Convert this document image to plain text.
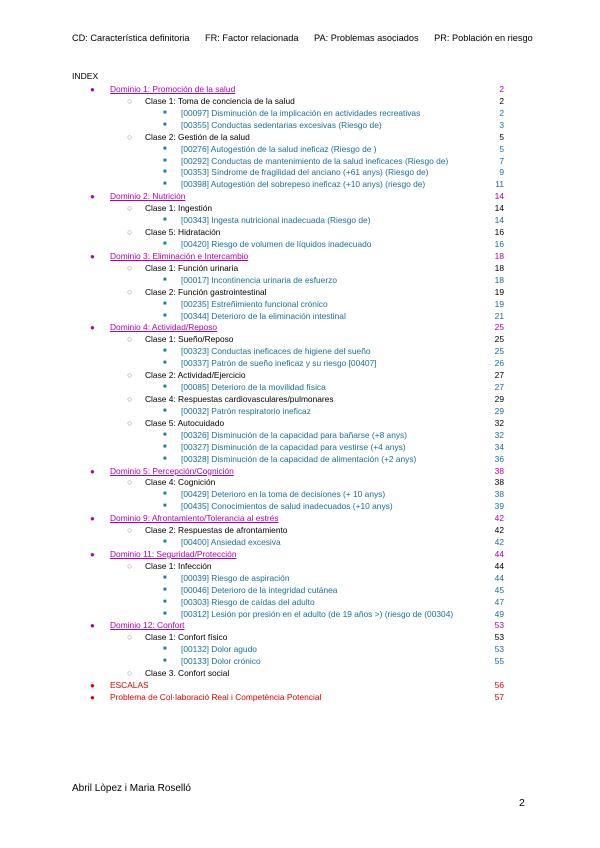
CD: Característica definitoria FR: Factor relacionada PA: Problemas asociados PR: Población en riesgo
INDEX
● Dominio 1: Promoción de la salud	2
○ Clase 1: Toma de conciencia de la salud	2
■ [00097] Disminución de la implicación en actividades recreativas	2
■ [00355] Conductas sedentarias excesivas (Riesgo de)	3
○ Clase 2: Gestión de la salud	5
■ [00276] Autogestión de la salud ineficaz (Riesgo de )	5
■ [00292] Conductas de mantenimiento de la salud ineficaces (Riesgo de)	7
■ [00353] Síndrome de fragilidad del anciano (+61 anys) (Riesgo de)	9
■ [00398] Autogestión del sobrepeso ineficaz (+10 anys) (riesgo de)	11
● Dominio 2: Nutrición	14
○ Clase 1: Ingestión	14
■ [00343] Ingesta nutricional inadecuada (Riesgo de)	14
○ Clase 5: Hidratación	16
■ [00420] Riesgo de volumen de líquidos inadecuado	16
● Dominio 3: Eliminación e Intercambio	18
○ Clase 1: Función urinaria	18
■ [00017] Incontinencia urinaria de esfuerzo	18
○ Clase 2: Función gastrointestinal	19
■ [00235] Estreñimiento funcional crónico	19
■ [00344] Deterioro de la eliminación intestinal	21
● Dominio 4: Actividad/Reposo	25
○ Clase 1: Sueño/Reposo	25
■ [00323] Conductas ineficaces de higiene del sueño	25
■ [00337] Patrón de sueño ineficaz y su riesgo [00407]	26
○ Clase 2: Actividad/Ejercicio	27
■ [00085] Deterioro de la movilidad física	27
○ Clase 4: Respuestas cardiovasculares/pulmonares	29
■ [00032] Patrón respiratorio ineficaz	29
○ Clase 5: Autocuidado	32
■ [00326] Disminución de la capacidad para bañarse (+8 anys)	32
■ [00327] Disminución de la capacidad para vestirse (+4 anys)	34
■ [00328] Disminución de la capacidad de alimentación (+2 anys)	36
● Dominio 5: Percepción/Cognición	38
○ Clase 4: Cognición	38
■ [00429] Deterioro en la toma de decisiones (+ 10 anys)	38
■ [00435] Conocimientos de salud inadecuados (+10 anys)	39
● Dominio 9: Afrontamiento/Tolerancia al estrés	42
○ Clase 2: Respuestas de afrontamiento	42
■ [00400] Ansiedad excesiva	42
● Dominio 11: Seguridad/Protección	44
○ Clase 1: Infección	44
■ [00039] Riesgo de aspiración	44
■ [00046] Deterioro de la integridad cutánea	45
■ [00303] Riesgo de caídas del adulto	47
■ [00312] Lesión por presión en el adulto (de 19 años >) (riesgo de (00304)	49
● Dominio 12: Confort	53
○ Clase 1: Confort físico	53
■ [00132] Dolor agudo	53
■ [00133] Dolor crónico	55
○ Clase 3. Confort social
● ESCALAS	56
● Problema de Col·laboració Real i Competència Potencial	57
Abril Lòpez i Maria Roselló
2
